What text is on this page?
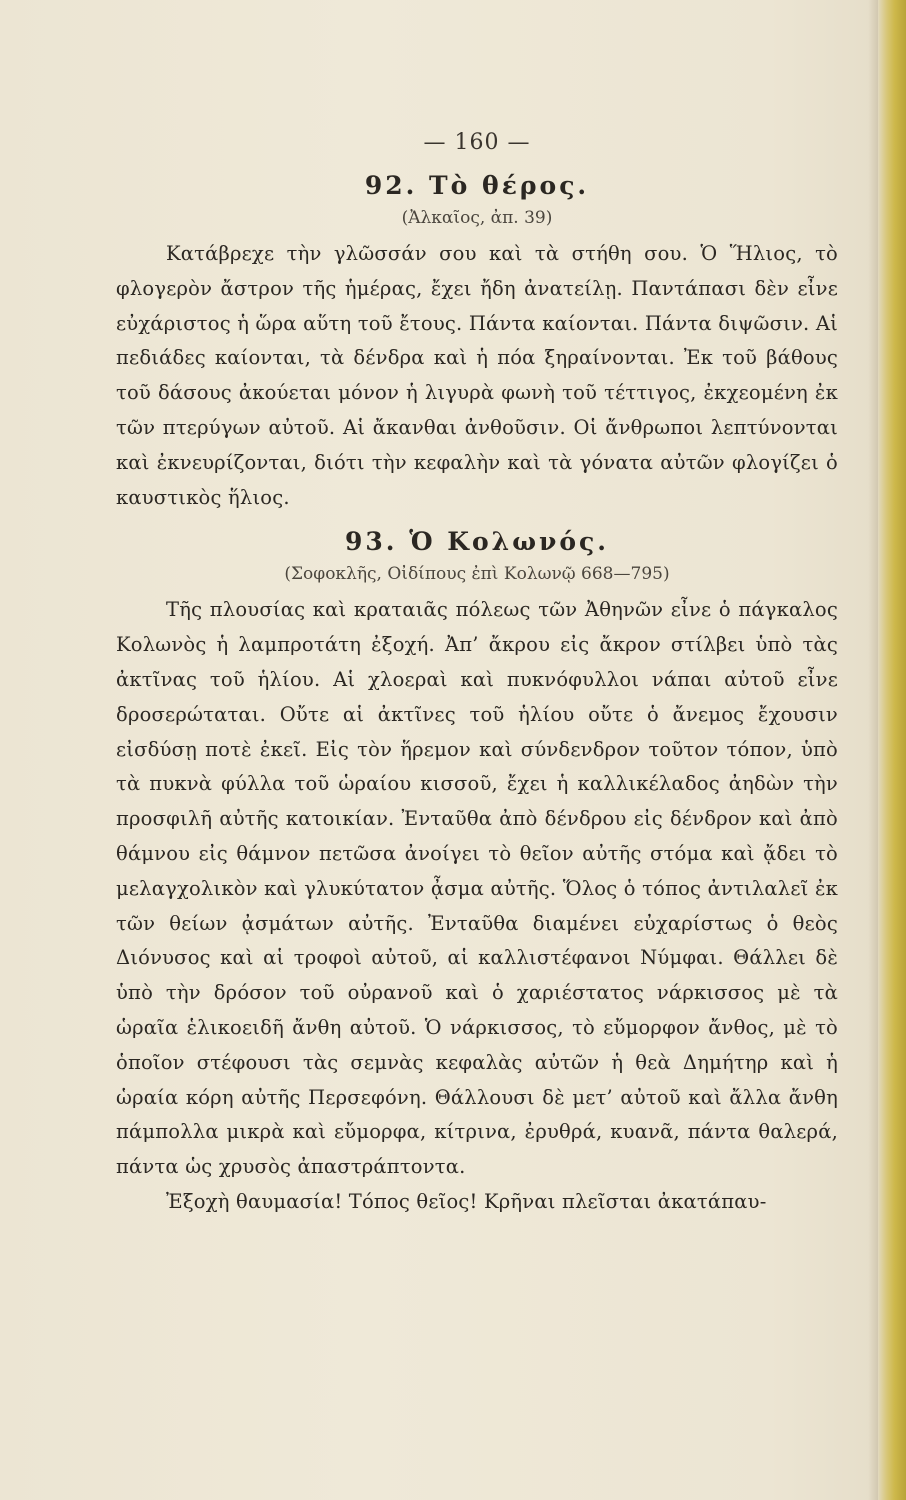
— 160 —
92. Τὸ θέρος.
(Ἀλκαῖος, ἀπ. 39)

Κατάβρεχε τὴν γλῶσσάν σου καὶ τὰ στήθη σου. Ὁ Ἥλιος, τὸ φλογερὸν ἄστρον τῆς ἡμέρας, ἔχει ἤδη ἀνατείλῃ. Παντάπασι δὲν εἶνε εὐχάριστος ἡ ὥρα αὕτη τοῦ ἔτους. Πάντα καίονται. Πάντα διψῶσιν. Αἱ πεδιάδες καίονται, τὰ δένδρα καὶ ἡ πόα ξηραίνονται. Ἐκ τοῦ βάθους τοῦ δάσους ἀκούεται μόνον ἡ λιγυρὰ φωνὴ τοῦ τέττιγος, ἐκχεομένη ἐκ τῶν πτερύγων αὐτοῦ. Αἱ ἄκανθαι ἀνθοῦσιν. Οἱ ἄνθρωποι λεπτύνονται καὶ ἐκνευρίζονται, διότι τὴν κεφαλὴν καὶ τὰ γόνατα αὐτῶν φλογίζει ὁ καυστικὸς ἥλιος.

93. Ὁ Κολωνός.
(Σοφοκλῆς, Οἰδίπους ἐπὶ Κολωνῷ 668—795)

Τῆς πλουσίας καὶ κραταιᾶς πόλεως τῶν Ἀθηνῶν εἶνε ὁ πάγκαλος Κολωνὸς ἡ λαμπροτάτη ἐξοχή. Ἀπ’ ἄκρου εἰς ἄκρον στίλβει ὑπὸ τὰς ἀκτῖνας τοῦ ἡλίου. Αἱ χλοεραὶ καὶ πυκνόφυλλοι νάπαι αὐτοῦ εἶνε δροσερώταται. Οὔτε αἱ ἀκτῖνες τοῦ ἡλίου οὔτε ὁ ἄνεμος ἔχουσιν εἰσδύσῃ ποτὲ ἐκεῖ. Εἰς τὸν ἥρεμον καὶ σύνδενδρον τοῦτον τόπον, ὑπὸ τὰ πυκνὰ φύλλα τοῦ ὡραίου κισσοῦ, ἔχει ἡ καλλικέλαδος ἀηδὼν τὴν προσφιλῆ αὐτῆς κατοικίαν. Ἐνταῦθα ἀπὸ δένδρου εἰς δένδρον καὶ ἀπὸ θάμνου εἰς θάμνον πετῶσα ἀνοίγει τὸ θεῖον αὐτῆς στόμα καὶ ᾄδει τὸ μελαγχολικὸν καὶ γλυκύτατον ᾆσμα αὐτῆς. Ὅλος ὁ τόπος ἀντιλαλεῖ ἐκ τῶν θείων ᾀσμάτων αὐτῆς. Ἐνταῦθα διαμένει εὐχαρίστως ὁ θεὸς Διόνυσος καὶ αἱ τροφοὶ αὐτοῦ, αἱ καλλιστέφανοι Νύμφαι. Θάλλει δὲ ὑπὸ τὴν δρόσον τοῦ οὐρανοῦ καὶ ὁ χαριέστατος νάρκισσος μὲ τὰ ὡραῖα ἑλικοειδῆ ἄνθη αὐτοῦ. Ὁ νάρκισσος, τὸ εὔμορφον ἄνθος, μὲ τὸ ὁποῖον στέφουσι τὰς σεμνὰς κεφαλὰς αὐτῶν ἡ θεὰ Δημήτηρ καὶ ἡ ὡραία κόρη αὐτῆς Περσεφόνη. Θάλλουσι δὲ μετ’ αὐτοῦ καὶ ἄλλα ἄνθη πάμπολλα μικρὰ καὶ εὔμορφα, κίτρινα, ἐρυθρά, κυανᾶ, πάντα θαλερά, πάντα ὡς χρυσὸς ἀπαστράπτοντα.

Ἐξοχὴ θαυμασία! Τόπος θεῖος! Κρῆναι πλεῖσται ἀκατάπαυ-
